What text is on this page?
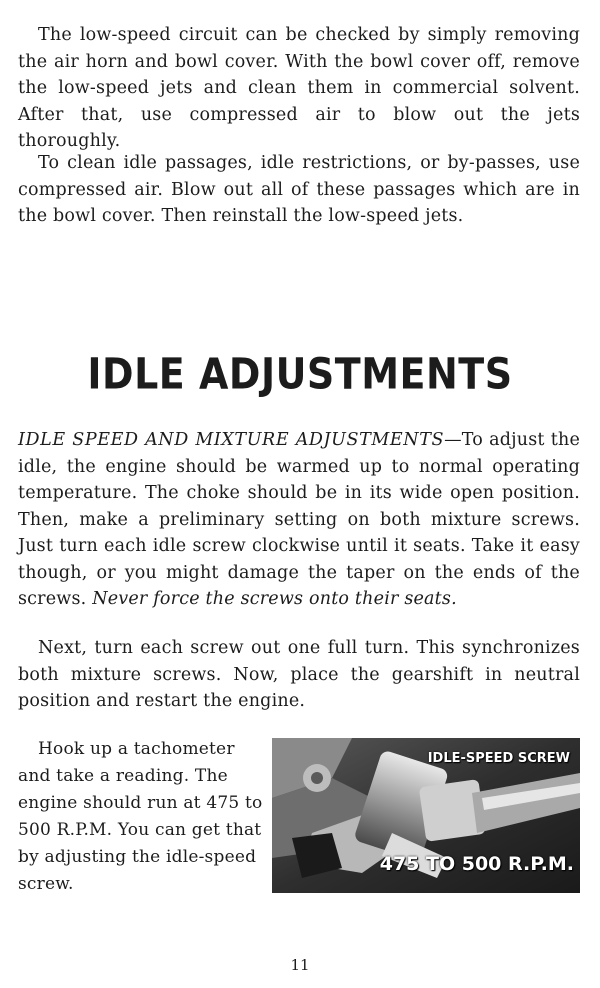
The low-speed circuit can be checked by simply removing the air horn and bowl cover. With the bowl cover off, remove the low-speed jets and clean them in commercial solvent. After that, use compressed air to blow out the jets thoroughly.

To clean idle passages, idle restrictions, or by-passes, use compressed air. Blow out all of these passages which are in the bowl cover. Then reinstall the low-speed jets.

IDLE ADJUSTMENTS

IDLE SPEED AND MIXTURE ADJUSTMENTS—To adjust the idle, the engine should be warmed up to normal operating temperature. The choke should be in its wide open position. Then, make a preliminary setting on both mixture screws. Just turn each idle screw clockwise until it seats. Take it easy though, or you might damage the taper on the ends of the screws. Never force the screws onto their seats.

Next, turn each screw out one full turn. This synchronizes both mixture screws. Now, place the gearshift in neutral position and restart the engine.

Hook up a tachometer and take a reading. The engine should run at 475 to 500 R.P.M. You can get that by adjusting the idle-speed screw.

IDLE-SPEED SCREW
475 TO 500 R.P.M.
11
